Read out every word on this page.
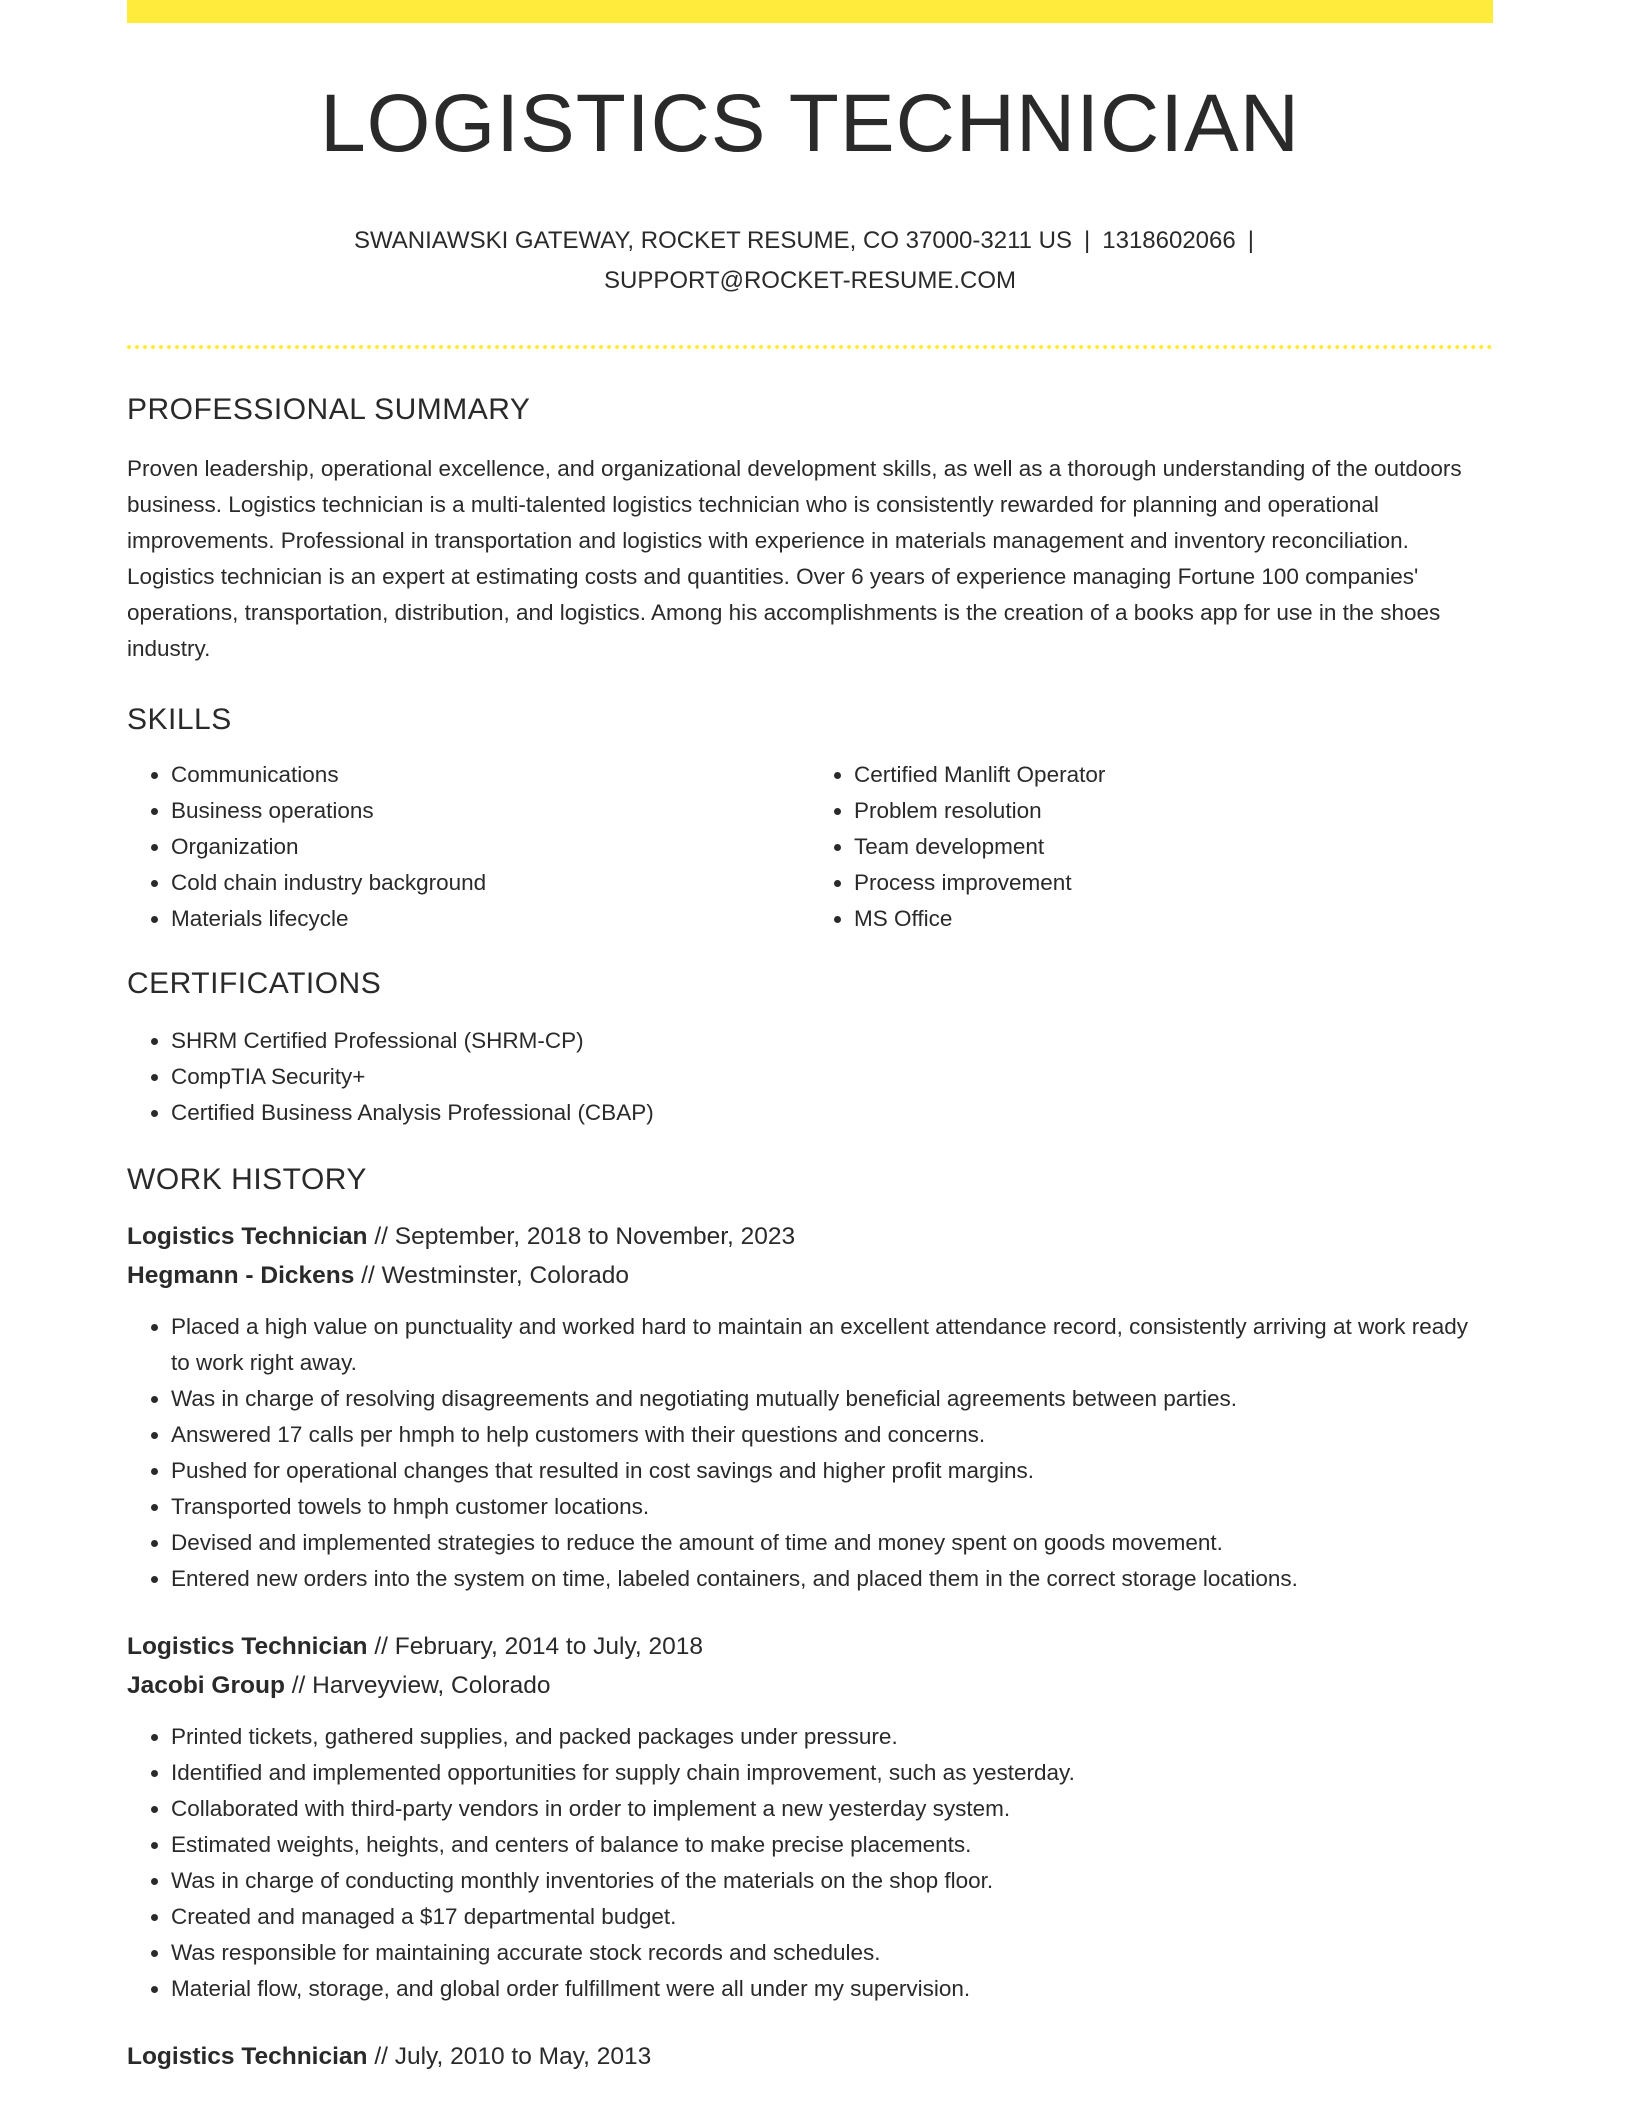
LOGISTICS TECHNICIAN
SWANIAWSKI GATEWAY, ROCKET RESUME, CO 37000-3211 US | 1318602066 |
SUPPORT@ROCKET-RESUME.COM
PROFESSIONAL SUMMARY
Proven leadership, operational excellence, and organizational development skills, as well as a thorough understanding of the outdoors business. Logistics technician is a multi-talented logistics technician who is consistently rewarded for planning and operational improvements. Professional in transportation and logistics with experience in materials management and inventory reconciliation. Logistics technician is an expert at estimating costs and quantities. Over 6 years of experience managing Fortune 100 companies' operations, transportation, distribution, and logistics. Among his accomplishments is the creation of a books app for use in the shoes industry.
SKILLS
• Communications
• Business operations
• Organization
• Cold chain industry background
• Materials lifecycle
• Certified Manlift Operator
• Problem resolution
• Team development
• Process improvement
• MS Office
CERTIFICATIONS
• SHRM Certified Professional (SHRM-CP)
• CompTIA Security+
• Certified Business Analysis Professional (CBAP)
WORK HISTORY
Logistics Technician // September, 2018 to November, 2023
Hegmann - Dickens // Westminster, Colorado
• Placed a high value on punctuality and worked hard to maintain an excellent attendance record, consistently arriving at work ready to work right away.
• Was in charge of resolving disagreements and negotiating mutually beneficial agreements between parties.
• Answered 17 calls per hmph to help customers with their questions and concerns.
• Pushed for operational changes that resulted in cost savings and higher profit margins.
• Transported towels to hmph customer locations.
• Devised and implemented strategies to reduce the amount of time and money spent on goods movement.
• Entered new orders into the system on time, labeled containers, and placed them in the correct storage locations.
Logistics Technician // February, 2014 to July, 2018
Jacobi Group // Harveyview, Colorado
• Printed tickets, gathered supplies, and packed packages under pressure.
• Identified and implemented opportunities for supply chain improvement, such as yesterday.
• Collaborated with third-party vendors in order to implement a new yesterday system.
• Estimated weights, heights, and centers of balance to make precise placements.
• Was in charge of conducting monthly inventories of the materials on the shop floor.
• Created and managed a $17 departmental budget.
• Was responsible for maintaining accurate stock records and schedules.
• Material flow, storage, and global order fulfillment were all under my supervision.
Logistics Technician // July, 2010 to May, 2013
